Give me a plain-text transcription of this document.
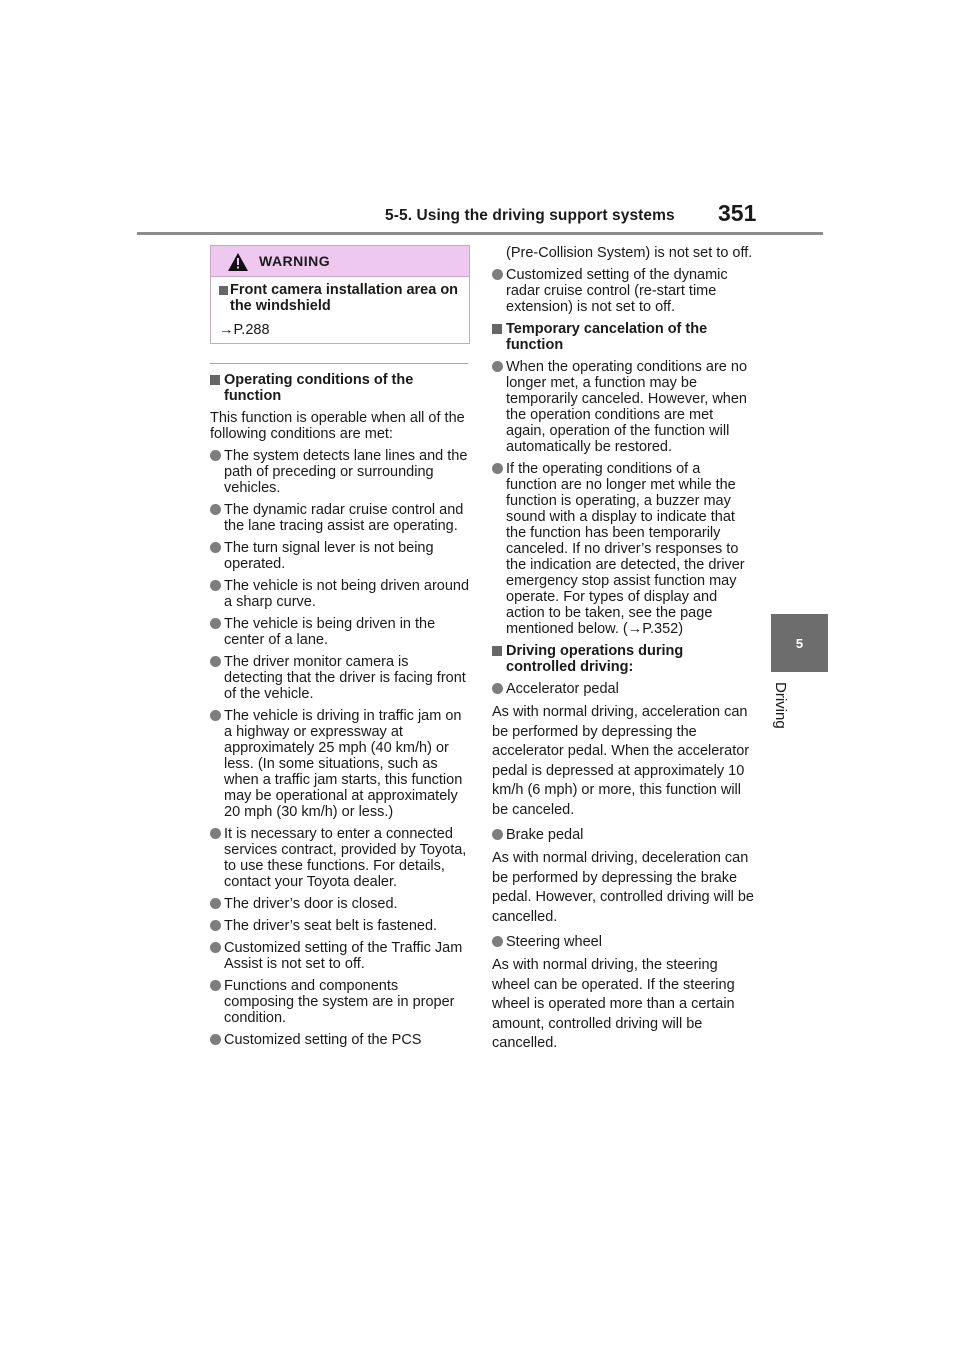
5-5. Using the driving support systems 351
5
Driving
WARNING
Front camera installation area on the windshield
→P.288
Operating conditions of the function
This function is operable when all of the following conditions are met:
The system detects lane lines and the path of preceding or surrounding vehicles.
The dynamic radar cruise control and the lane tracing assist are operating.
The turn signal lever is not being operated.
The vehicle is not being driven around a sharp curve.
The vehicle is being driven in the center of a lane.
The driver monitor camera is detecting that the driver is facing front of the vehicle.
The vehicle is driving in traffic jam on a highway or expressway at approximately 25 mph (40 km/h) or less. (In some situations, such as when a traffic jam starts, this function may be operational at approximately 20 mph (30 km/h) or less.)
It is necessary to enter a connected services contract, provided by Toyota, to use these functions. For details, contact your Toyota dealer.
The driver’s door is closed.
The driver’s seat belt is fastened.
Customized setting of the Traffic Jam Assist is not set to off.
Functions and components composing the system are in proper condition.
Customized setting of the PCS
(Pre-Collision System) is not set to off.
Customized setting of the dynamic radar cruise control (re-start time extension) is not set to off.
Temporary cancelation of the function
When the operating conditions are no longer met, a function may be temporarily canceled. However, when the operation conditions are met again, operation of the function will automatically be restored.
If the operating conditions of a function are no longer met while the function is operating, a buzzer may sound with a display to indicate that the function has been temporarily canceled. If no driver’s responses to the indication are detected, the driver emergency stop assist function may operate. For types of display and action to be taken, see the page mentioned below. (→P.352)
Driving operations during controlled driving:
Accelerator pedal
As with normal driving, acceleration can be performed by depressing the accelerator pedal. When the accelerator pedal is depressed at approximately 10 km/h (6 mph) or more, this function will be canceled.
Brake pedal
As with normal driving, deceleration can be performed by depressing the brake pedal. However, controlled driving will be cancelled.
Steering wheel
As with normal driving, the steering wheel can be operated. If the steering wheel is operated more than a certain amount, controlled driving will be cancelled.
